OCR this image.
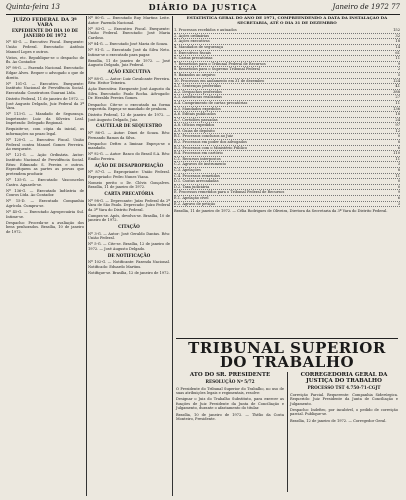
Quinta-feira 13	DIÁRIO DA JUSTIÇA	Janeiro de 1972 77
JUÍZO FEDERAL DA 3ª VARA
EXPEDIENTE DO DIA 10 DE JANEIRO DE 1972

Nº 85-G. — Executivo Fiscal. Exequente: União Federal. Executado: Antônio Manuel Lopes e outros.

Vistos, etc. Republique-se o despacho de fls. Ao Contador.

Nº 98-G. — Fazenda Nacional. Executado: Edgar Alves. Requer o advogado o que de direito.

Nº 101-G. — Executivo. Exequente: Instituto Nacional de Previdência Social. Executada: Construtora Guarani Ltda.

Distrito Federal, 11 de janeiro de 1972. — José Augusto Delgado, Juiz Federal da 3ª Vara.

Nº 113-G. — Mandado de Segurança. Impetrante: Luiz da Silveira Leal. Impetrado: Delegado Regional.

Requisite-se, com cópia da inicial, as informações no prazo legal.

Nº 120-G. — Executivo Fiscal. União Federal contra Manoel Gomes Ferreira. Ao exequente.

Nº 121-G. — Ação Ordinária. Autor: Instituto Nacional de Previdência Social. Réus: Edmundo S. Pereira e outros. Especifiquem as partes as provas que pretendem produzir.

Nº 135-G. — Executado: Vasconcelos Castro. Aguarde-se.

Nº 136-G. — Executado Indústria de Couros Ltda. Ao Contador.

Nº 15-D. — Executado Companhia Agrícola. Cumpra-se.

Nº 45-G. — Executado Agropecuária Sul. Intime-se.

Despacho: Proceda-se a avaliação dos bens penhorados. Brasília, 10 de janeiro de 1972.

Nº 80-G. — Executado Ruy Martins Leite. Autor: Fazenda Nacional.

Nº 83-G. — Executivo Fiscal. Exequente: União Federal. Executado: José Maria Cardoso.

Nº 84-G. — Executado José Maria de Souza.

Nº 91-G. — Executado José da Silva Neto. Intime-se o executado para pagar.

Brasília, 11 de janeiro de 1972. — José Augusto Delgado, Juiz Federal.

AÇÃO EXECUTIVA

Nº 88-G. — Autor: Luiz Cavalcante Ferreira. Réu: Heitor Teixeira.

Ação Executiva: Exequente José Augusto da Silva. Executado: Paulo Rocha. Advogado: Dr. Heraldo Pereira Gomes.

Despacho: Cite-se o executado na forma requerida. Expeça-se mandado de penhora.

Distrito Federal, 12 de janeiro de 1972. — José Augusto Delgado, Juiz.

CAUTELAR DE SEQUESTRO

Nº 86-G. — Autor: Dinei de Souza. Réu: Fernando Ramos da Silva.

Despacho: Defiro a liminar. Expeça-se o mandado.

Nº 92-G. — Autor: Banco do Brasil S.A. Réu: Emílio Pereira.

AÇÃO DE DESAPROPRIAÇÃO

Nº 87-G. — Expropriante: União Federal. Expropriado: Pedro Nunes Viana.

Nomeio perito o Dr. Clóvis Gonçalves. Brasília, 11 de janeiro de 1972.

CARTA PRECATÓRIA

Nº 98-G. — Deprecante: Juízo Federal da 2ª Vara de São Paulo. Deprecado: Juízo Federal da 3ª Vara do Distrito Federal.

Cumpra-se. Após, devolva-se. Brasília, 10 de janeiro de 1972.

CITAÇÃO

Nº 3-G. — Autor: José Geraldo Dantas. Réu: União Federal.

Nº 5-G. — Cite-se. Brasília, 12 de janeiro de 1972. — José Augusto Delgado.

DE NOTIFICAÇÃO

Nº 102-G. — Notificante: Fazenda Nacional. Notificado: Eduardo Martins.

Notifique-se. Brasília, 12 de janeiro de 1972.

ESTATÍSTICA GERAL DO ANO DE 1971, COMPREENDENDO A DATA DA INSTALAÇÃO DA SECRETARIA, ATÉ O DIA 31 DE DEZEMBRO
1. Processos recebidos e autuados	152
2. Ações ordinárias	32
3. Ações executivas	18
4. Mandados de segurança	14
5. Executivos fiscais	61
6. Cartas precatórias	11
7. Remetidos para o Tribunal Federal de Recursos	9
8. Remetidos para o Supremo Tribunal Federal	2
9. Baixados ao arquivo	5
10. Processos em andamento em 31 de dezembro	124
A.1. Sentenças proferidas	41
A.2. Despachos proferidos	388
A.3. Audiências realizadas	27
A.4. Cumprimento de cartas precatórias	11
A.5. Mandados expedidos	136
A.6. Editais publicados	18
A.7. Certidões passadas	24
A.8. Ofícios expedidos	97
A.9. Guias de depósito	12
B.1. Processos conclusos ao Juiz	0
B.2. Processos em poder dos advogados	8
B.3. Processos com o Ministério Público	6
B.4. Processos em cartório	110
C.1. Recursos interpostos	11
C.2. Agravos de instrumento	3
C.3. Apelações	8
C.4. Processos remetidos	11
D.1. Custas arrecadadas	0
D.2. Taxa judiciária	0
E. Processos remetidos para o Tribunal Federal de Recursos	9
E.1. Apelação cível	6
E.2. Agravo de petição	3

Brasília, 11 de janeiro de 1972. — Célia Rodrigues de Oliveira, Diretora da Secretaria da 3ª Vara do Distrito Federal.

TRIBUNAL SUPERIOR DO TRABALHO
ATO DO SR. PRESIDENTE
RESOLUÇÃO Nº 5/72

O Presidente do Tribunal Superior do Trabalho, no uso de suas atribuições legais e regimentais, resolve:

Designar o Juiz do Trabalho Substituto, para exercer as funções de Juiz Presidente da Junta de Conciliação e Julgamento, durante o afastamento do titular.

Brasília, 10 de janeiro de 1972. — Thélio da Costa Monteiro, Presidente.

CORREGEDORIA GERAL DA JUSTIÇA DO TRABALHO
PROCESSO TST 4.750-71-CGJT

Correição Parcial. Requerente: Companhia Siderúrgica. Requerido: Juiz Presidente da Junta de Conciliação e Julgamento.

Despacho: Indefiro, por incabível, o pedido de correição parcial. Publique-se.

Brasília, 12 de janeiro de 1972. — Corregedor Geral.
